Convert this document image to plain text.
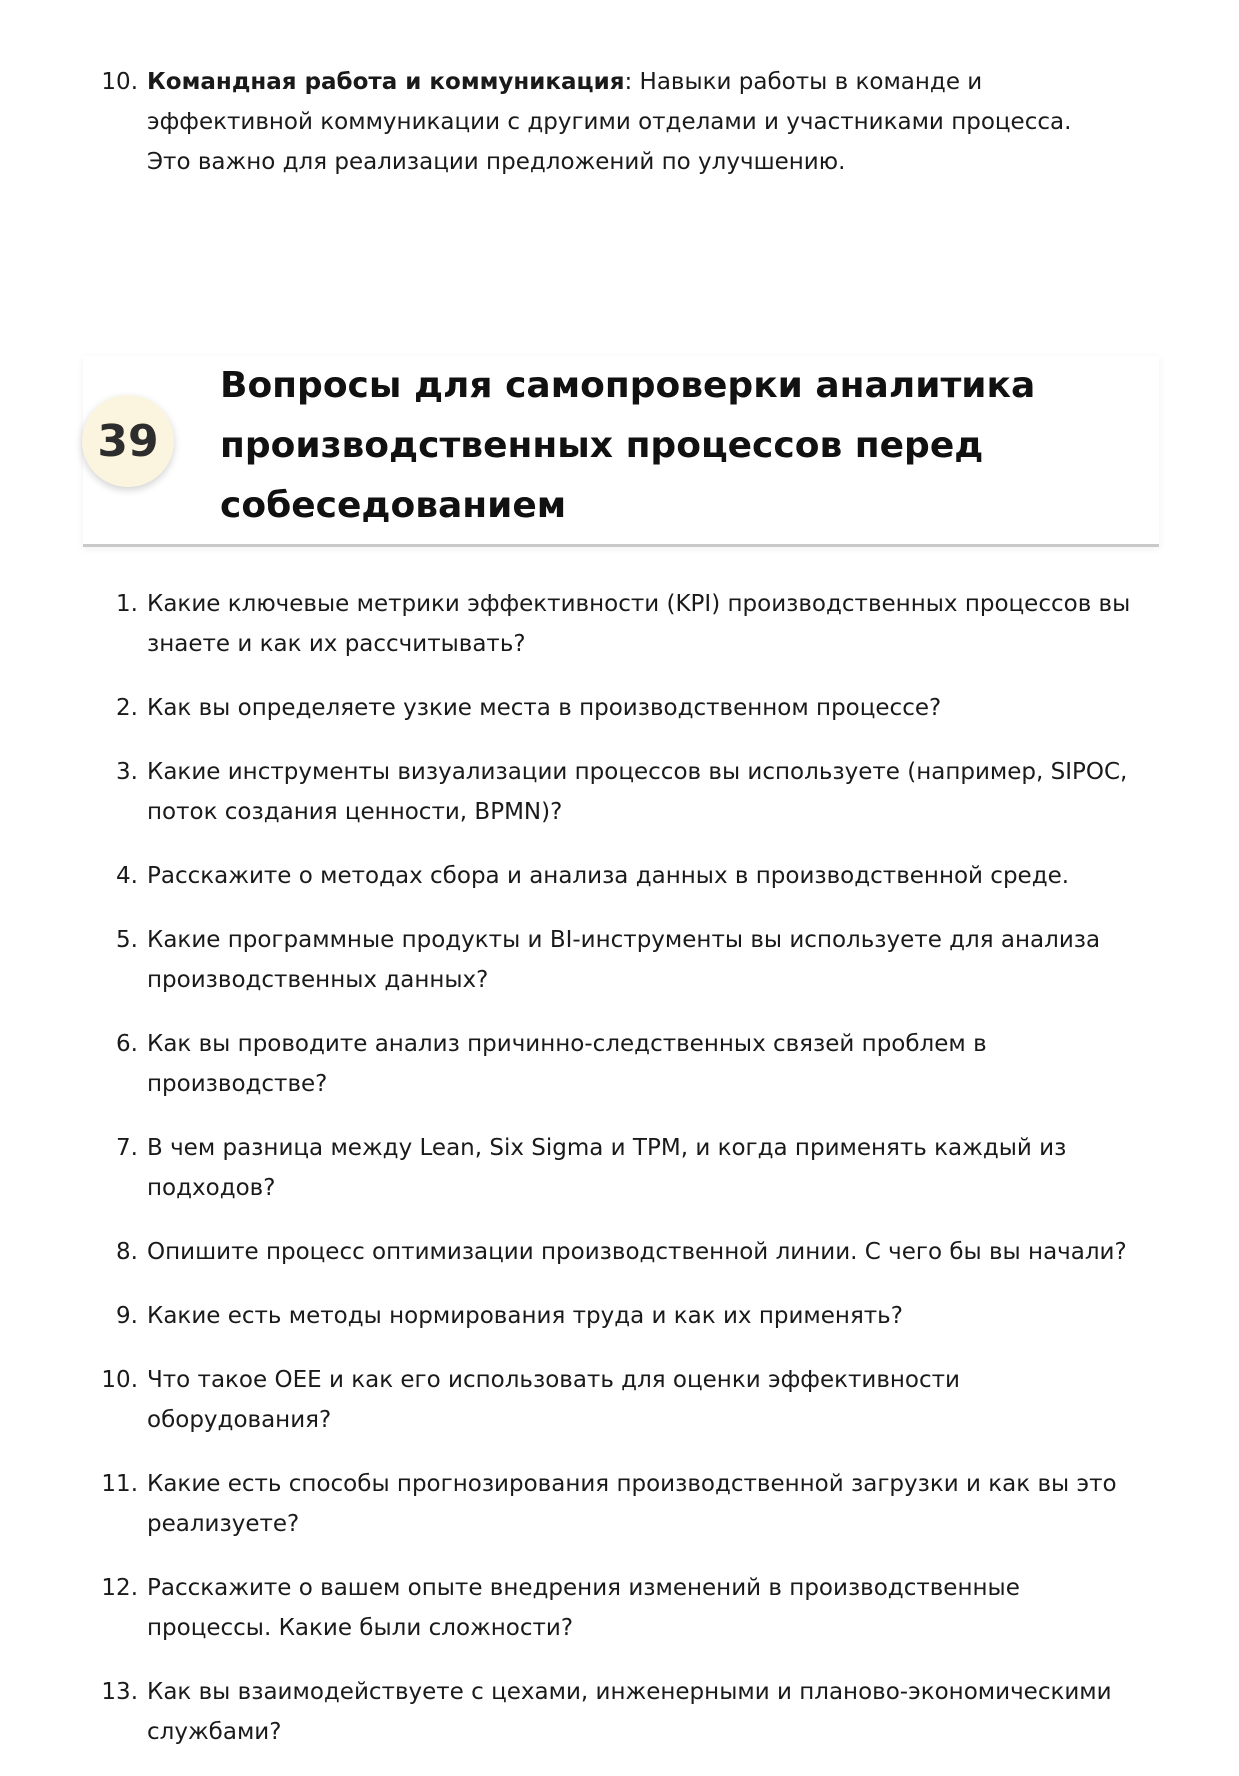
10. Командная работа и коммуникация: Навыки работы в команде и эффективной коммуникации с другими отделами и участниками процесса. Это важно для реализации предложений по улучшению.
39
Вопросы для самопроверки аналитика производственных процессов перед собеседованием
1. Какие ключевые метрики эффективности (KPI) производственных процессов вы знаете и как их рассчитывать?
2. Как вы определяете узкие места в производственном процессе?
3. Какие инструменты визуализации процессов вы используете (например, SIPOC, поток создания ценности, BPMN)?
4. Расскажите о методах сбора и анализа данных в производственной среде.
5. Какие программные продукты и BI-инструменты вы используете для анализа производственных данных?
6. Как вы проводите анализ причинно-следственных связей проблем в производстве?
7. В чем разница между Lean, Six Sigma и TPM, и когда применять каждый из подходов?
8. Опишите процесс оптимизации производственной линии. С чего бы вы начали?
9. Какие есть методы нормирования труда и как их применять?
10. Что такое OEE и как его использовать для оценки эффективности оборудования?
11. Какие есть способы прогнозирования производственной загрузки и как вы это реализуете?
12. Расскажите о вашем опыте внедрения изменений в производственные процессы. Какие были сложности?
13. Как вы взаимодействуете с цехами, инженерными и планово-экономическими службами?
